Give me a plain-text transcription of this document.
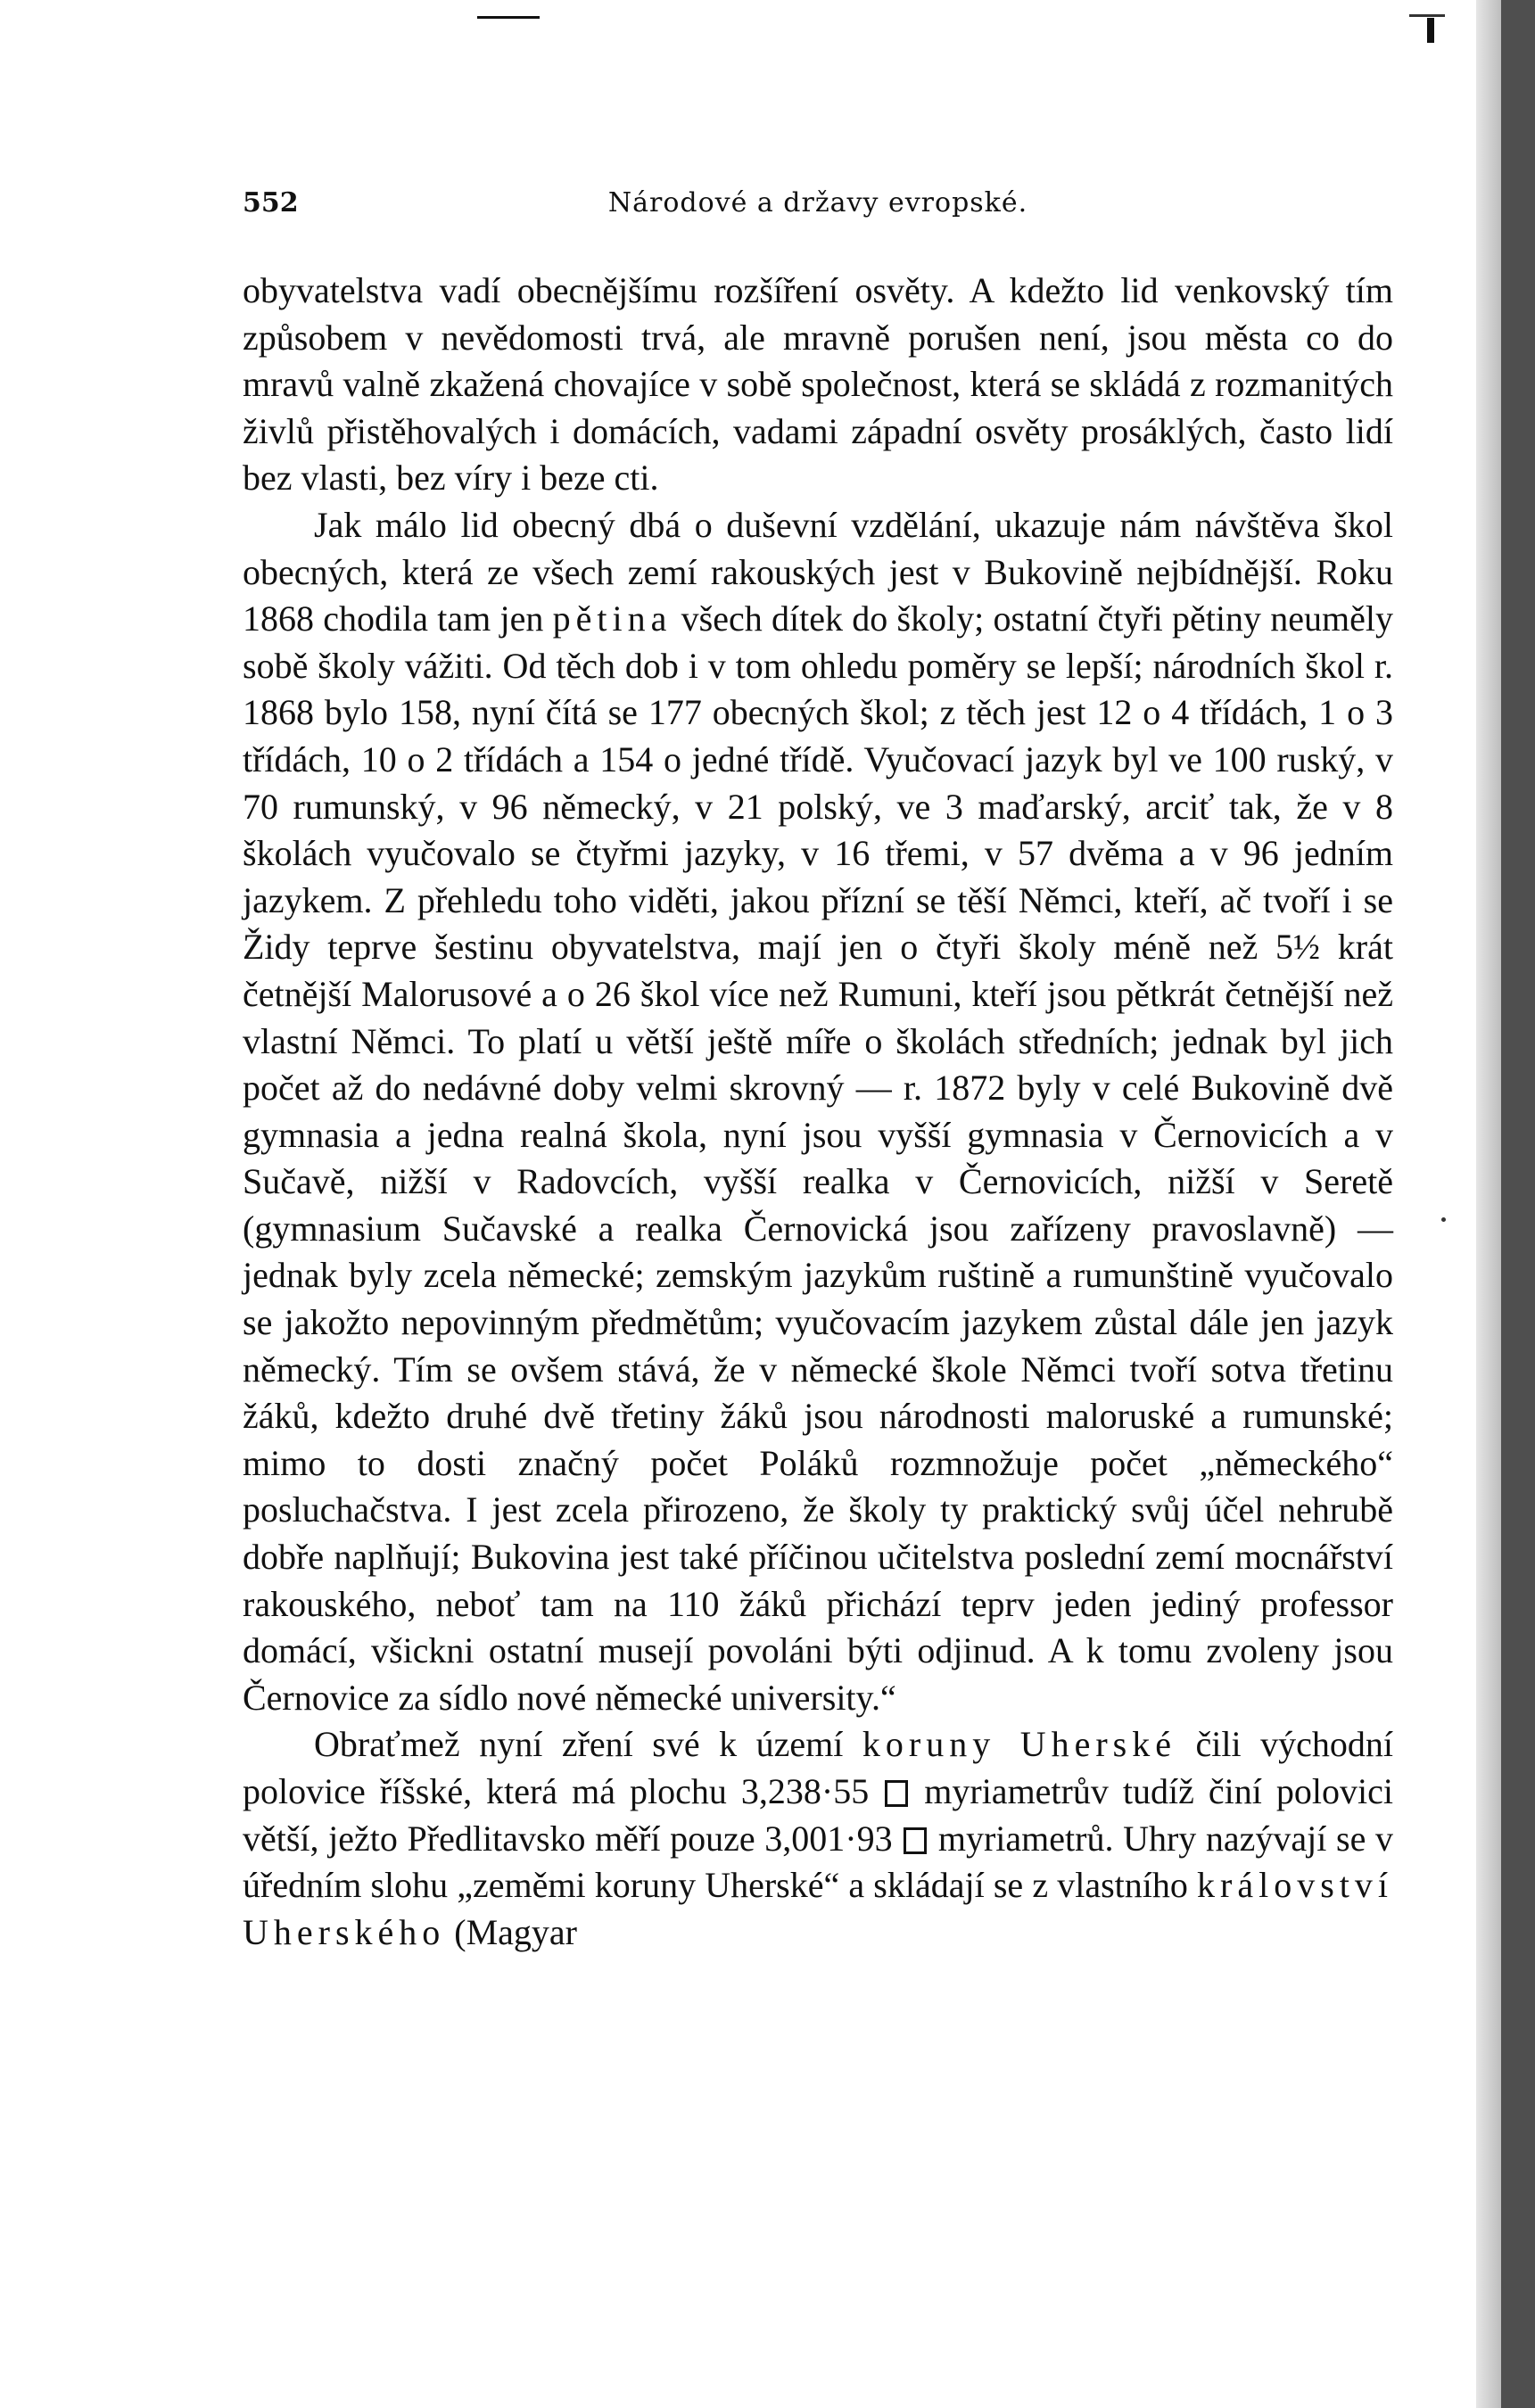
552	Národové a državy evropské.

obyvatelstva vadí obecnějšímu rozšíření osvěty. A kdežto lid venkovský tím způsobem v nevědomosti trvá, ale mravně porušen není, jsou města co do mravů valně zkažená chovajíce v sobě společnost, která se skládá z rozmanitých živlů přistěhovalých i domácích, vadami západní osvěty prosáklých, často lidí bez vlasti, bez víry i beze cti.

Jak málo lid obecný dbá o duševní vzdělání, ukazuje nám návštěva škol obecných, která ze všech zemí rakouských jest v Bukovině nejbídnější. Roku 1868 chodila tam jen pětina všech dítek do školy; ostatní čtyři pětiny neuměly sobě školy vážiti. Od těch dob i v tom ohledu poměry se lepší; národních škol r. 1868 bylo 158, nyní čítá se 177 obecných škol; z těch jest 12 o 4 třídách, 1 o 3 třídách, 10 o 2 třídách a 154 o jedné třídě. Vyučovací jazyk byl ve 100 ruský, v 70 rumunský, v 96 německý, v 21 polský, ve 3 maďarský, arciť tak, že v 8 školách vyučovalo se čtyřmi jazyky, v 16 třemi, v 57 dvěma a v 96 jedním jazykem. Z přehledu toho viděti, jakou přízní se těší Němci, kteří, ač tvoří i se Židy teprve šestinu obyvatelstva, mají jen o čtyři školy méně než 5½ krát četnější Malorusové a o 26 škol více než Rumuni, kteří jsou pětkrát četnější než vlastní Němci. To platí u větší ještě míře o školách středních; jednak byl jich počet až do nedávné doby velmi skrovný — r. 1872 byly v celé Bukovině dvě gymnasia a jedna realná škola, nyní jsou vyšší gymnasia v Černovicích a v Sučavě, nižší v Radovcích, vyšší realka v Černovicích, nižší v Seretě (gymnasium Sučavské a realka Černovická jsou zařízeny pravoslavně) — jednak byly zcela německé; zemským jazykům ruštině a rumunštině vyučovalo se jakožto nepovinným předmětům; vyučovacím jazykem zůstal dále jen jazyk německý. Tím se ovšem stává, že v německé škole Němci tvoří sotva třetinu žáků, kdežto druhé dvě třetiny žáků jsou národnosti maloruské a rumunské; mimo to dosti značný počet Poláků rozmnožuje počet „německého“ posluchačstva. I jest zcela přirozeno, že školy ty praktický svůj účel nehrubě dobře naplňují; Bukovina jest také příčinou učitelstva poslední zemí mocnářství rakouského, neboť tam na 110 žáků přichází teprv jeden jediný professor domácí, všickni ostatní musejí povoláni býti odjinud. A k tomu zvoleny jsou Černovice za sídlo nové německé university.“

Obraťmež nyní zření své k území koruny Uherské čili východní polovice říšské, která má plochu 3,238·55  myriametrův tudíž činí polovici větší, ježto Předlitavsko měří pouze 3,001·93  myriametrů. Uhry nazývají se v úředním slohu „zeměmi koruny Uherské“ a skládají se z vlastního království Uherského (Magyar
